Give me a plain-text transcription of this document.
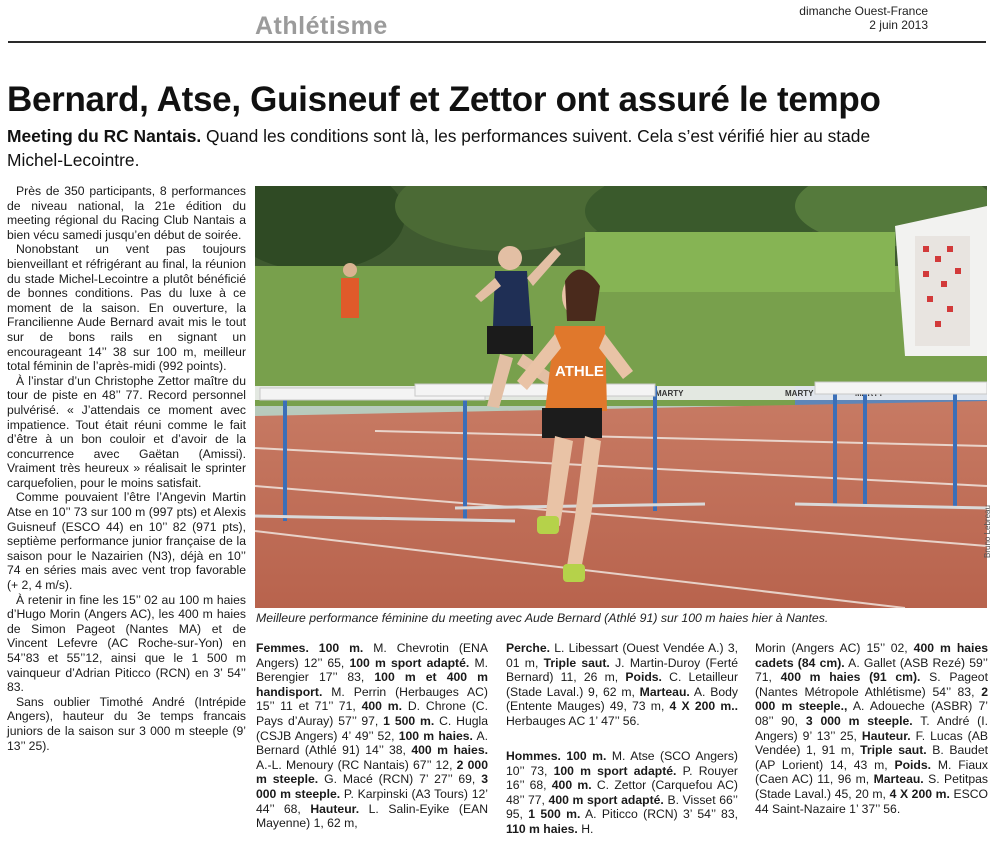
Athlétisme
dimanche Ouest-France
2 juin 2013
Bernard, Atse, Guisneuf et Zettor ont assuré le tempo
Meeting du RC Nantais. Quand les conditions sont là, les performances suivent. Cela s’est vérifié hier au stade Michel-Lecointre.

Près de 350 participants, 8 performances de niveau national, la 21e édition du meeting régional du Racing Club Nantais a bien vécu samedi jusqu’en début de soirée.

Nonobstant un vent pas toujours bienveillant et réfrigérant au final, la réunion du stade Michel-Lecointre a plutôt bénéficié de bonnes conditions. Pas du luxe à ce moment de la saison. En ouverture, la Francilienne Aude Bernard avait mis le tout sur de bons rails en signant un encourageant 14’’ 38 sur 100 m, meilleur total féminin de l’après-midi (992 points).

À l’instar d’un Christophe Zettor maître du tour de piste en 48’’ 77. Record personnel pulvérisé. « J’attendais ce moment avec impatience. Tout était réuni comme le fait d’être à un bon couloir et d’avoir de la concurrence avec Gaëtan (Amissi). Vraiment très heureux » réalisait le sprinter carquefolien, pour le moins satisfait.

Comme pouvaient l’être l’Angevin Martin Atse en 10’’ 73 sur 100 m (997 pts) et Alexis Guisneuf (ESCO 44) en 10’’ 82 (971 pts), septième performance junior française de la saison pour le Nazairien (N3), déjà en 10’’ 74 en séries mais avec vent trop favorable (+ 2, 4 m/s).

À retenir in fine les 15’’ 02 au 100 m haies d’Hugo Morin (Angers AC), les 400 m haies de Simon Pageot (Nantes MA) et de Vincent Lefevre (AC Roche-sur-Yon) en 54’’83 et 55’’12, ainsi que le 1 500 m vainqueur d’Adrian Piticco (RCN) en 3’ 54’’ 83.

Sans oublier Timothé André (Intrépide Angers), hauteur du 3e temps francais juniors de la saison sur 3 000 m steeple (9’ 13’’ 25).

MARTY	MARTY
ATHLE
Bruno Lebreau
Meilleure performance féminine du meeting avec Aude Bernard (Athlé 91) sur 100 m haies hier à Nantes.
Femmes. 100 m. M. Chevrotin (ENA Angers) 12’’ 65, 100 m sport adapté. M. Berengier 17’’ 83, 100 m et 400 m handisport. M. Perrin (Herbauges AC) 15’’ 11 et 71’’ 71, 400 m. D. Chrone (C. Pays d’Auray) 57’’ 97, 1 500 m. C. Hugla (CSJB Angers) 4’ 49’’ 52, 100 m haies. A. Bernard (Athlé 91) 14’’ 38, 400 m haies. A.-L. Menoury (RC Nantais) 67’’ 12, 2 000 m steeple. G. Macé (RCN) 7’ 27’’ 69, 3 000 m steeple. P. Karpinski (A3 Tours) 12’ 44’’ 68, Hauteur. L. Salin-Eyike (EAN Mayenne) 1, 62 m,
Perche. L. Libessart (Ouest Vendée A.) 3, 01 m, Triple saut. J. Martin-Duroy (Ferté Bernard) 11, 26 m, Poids. C. Letailleur (Stade Laval.) 9, 62 m, Marteau. A. Body (Entente Mauges) 49, 73 m, 4 X 200 m.. Herbauges AC 1’ 47’’ 56.
Hommes. 100 m. M. Atse (SCO Angers) 10’’ 73, 100 m sport adapté. P. Rouyer 16’’ 68, 400 m. C. Zettor (Carquefou AC) 48’’ 77, 400 m sport adapté. B. Visset 66’’ 95, 1 500 m. A. Piticco (RCN) 3’ 54’’ 83, 110 m haies. H.
Morin (Angers AC) 15’’ 02, 400 m haies cadets (84 cm). A. Gallet (ASB Rezé) 59’’ 71, 400 m haies (91 cm). S. Pageot (Nantes Métropole Athlétisme) 54’’ 83, 2 000 m steeple., A. Adoueche (ASBR) 7’ 08’’ 90, 3 000 m steeple. T. André (I. Angers) 9’ 13’’ 25, Hauteur. F. Lucas (AB Vendée) 1, 91 m, Triple saut. B. Baudet (AP Lorient) 14, 43 m, Poids. M. Fiaux (Caen AC) 11, 96 m, Marteau. S. Petitpas (Stade Laval.) 45, 20 m, 4 X 200 m. ESCO 44 Saint-Nazaire 1’ 37’’ 56.
